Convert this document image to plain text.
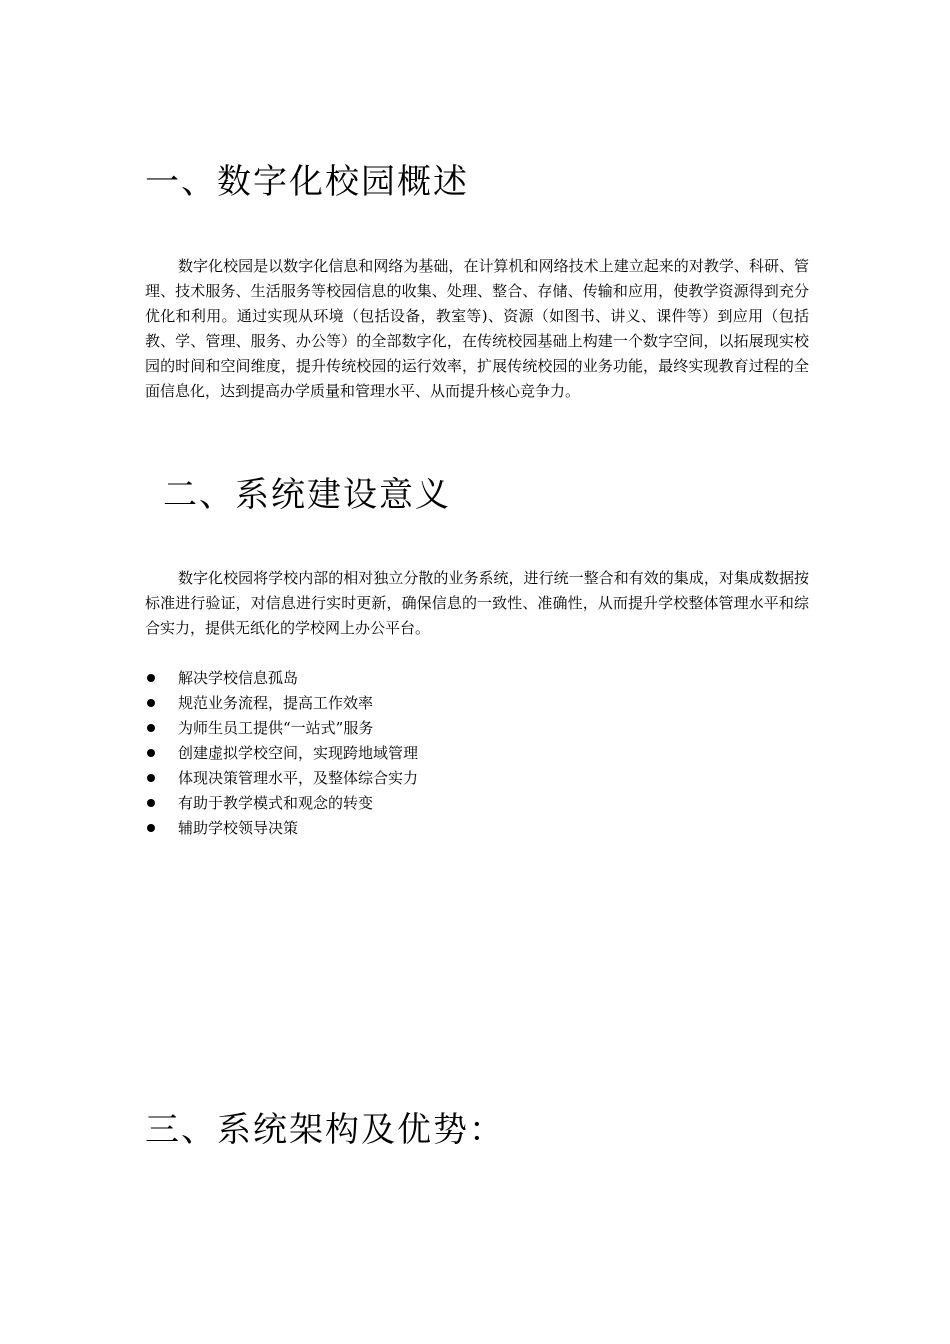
一、数字化校园概述

数字化校园是以数字化信息和网络为基础，在计算机和网络技术上建立起来的对教学、科研、管理、技术服务、生活服务等校园信息的收集、处理、整合、存储、传输和应用，使教学资源得到充分优化和利用。通过实现从环境（包括设备，教室等)、资源（如图书、讲义、课件等）到应用（包括教、学、管理、服务、办公等）的全部数字化，在传统校园基础上构建一个数字空间，以拓展现实校园的时间和空间维度，提升传统校园的运行效率，扩展传统校园的业务功能，最终实现教育过程的全面信息化，达到提高办学质量和管理水平、从而提升核心竞争力。

二、系统建设意义

数字化校园将学校内部的相对独立分散的业务系统，进行统一整合和有效的集成，对集成数据按标准进行验证，对信息进行实时更新，确保信息的一致性、准确性，从而提升学校整体管理水平和综合实力，提供无纸化的学校网上办公平台。

解决学校信息孤岛
规范业务流程，提高工作效率
为师生员工提供“一站式”服务
创建虚拟学校空间，实现跨地域管理
体现决策管理水平，及整体综合实力
有助于教学模式和观念的转变
辅助学校领导决策
三、系统架构及优势：
